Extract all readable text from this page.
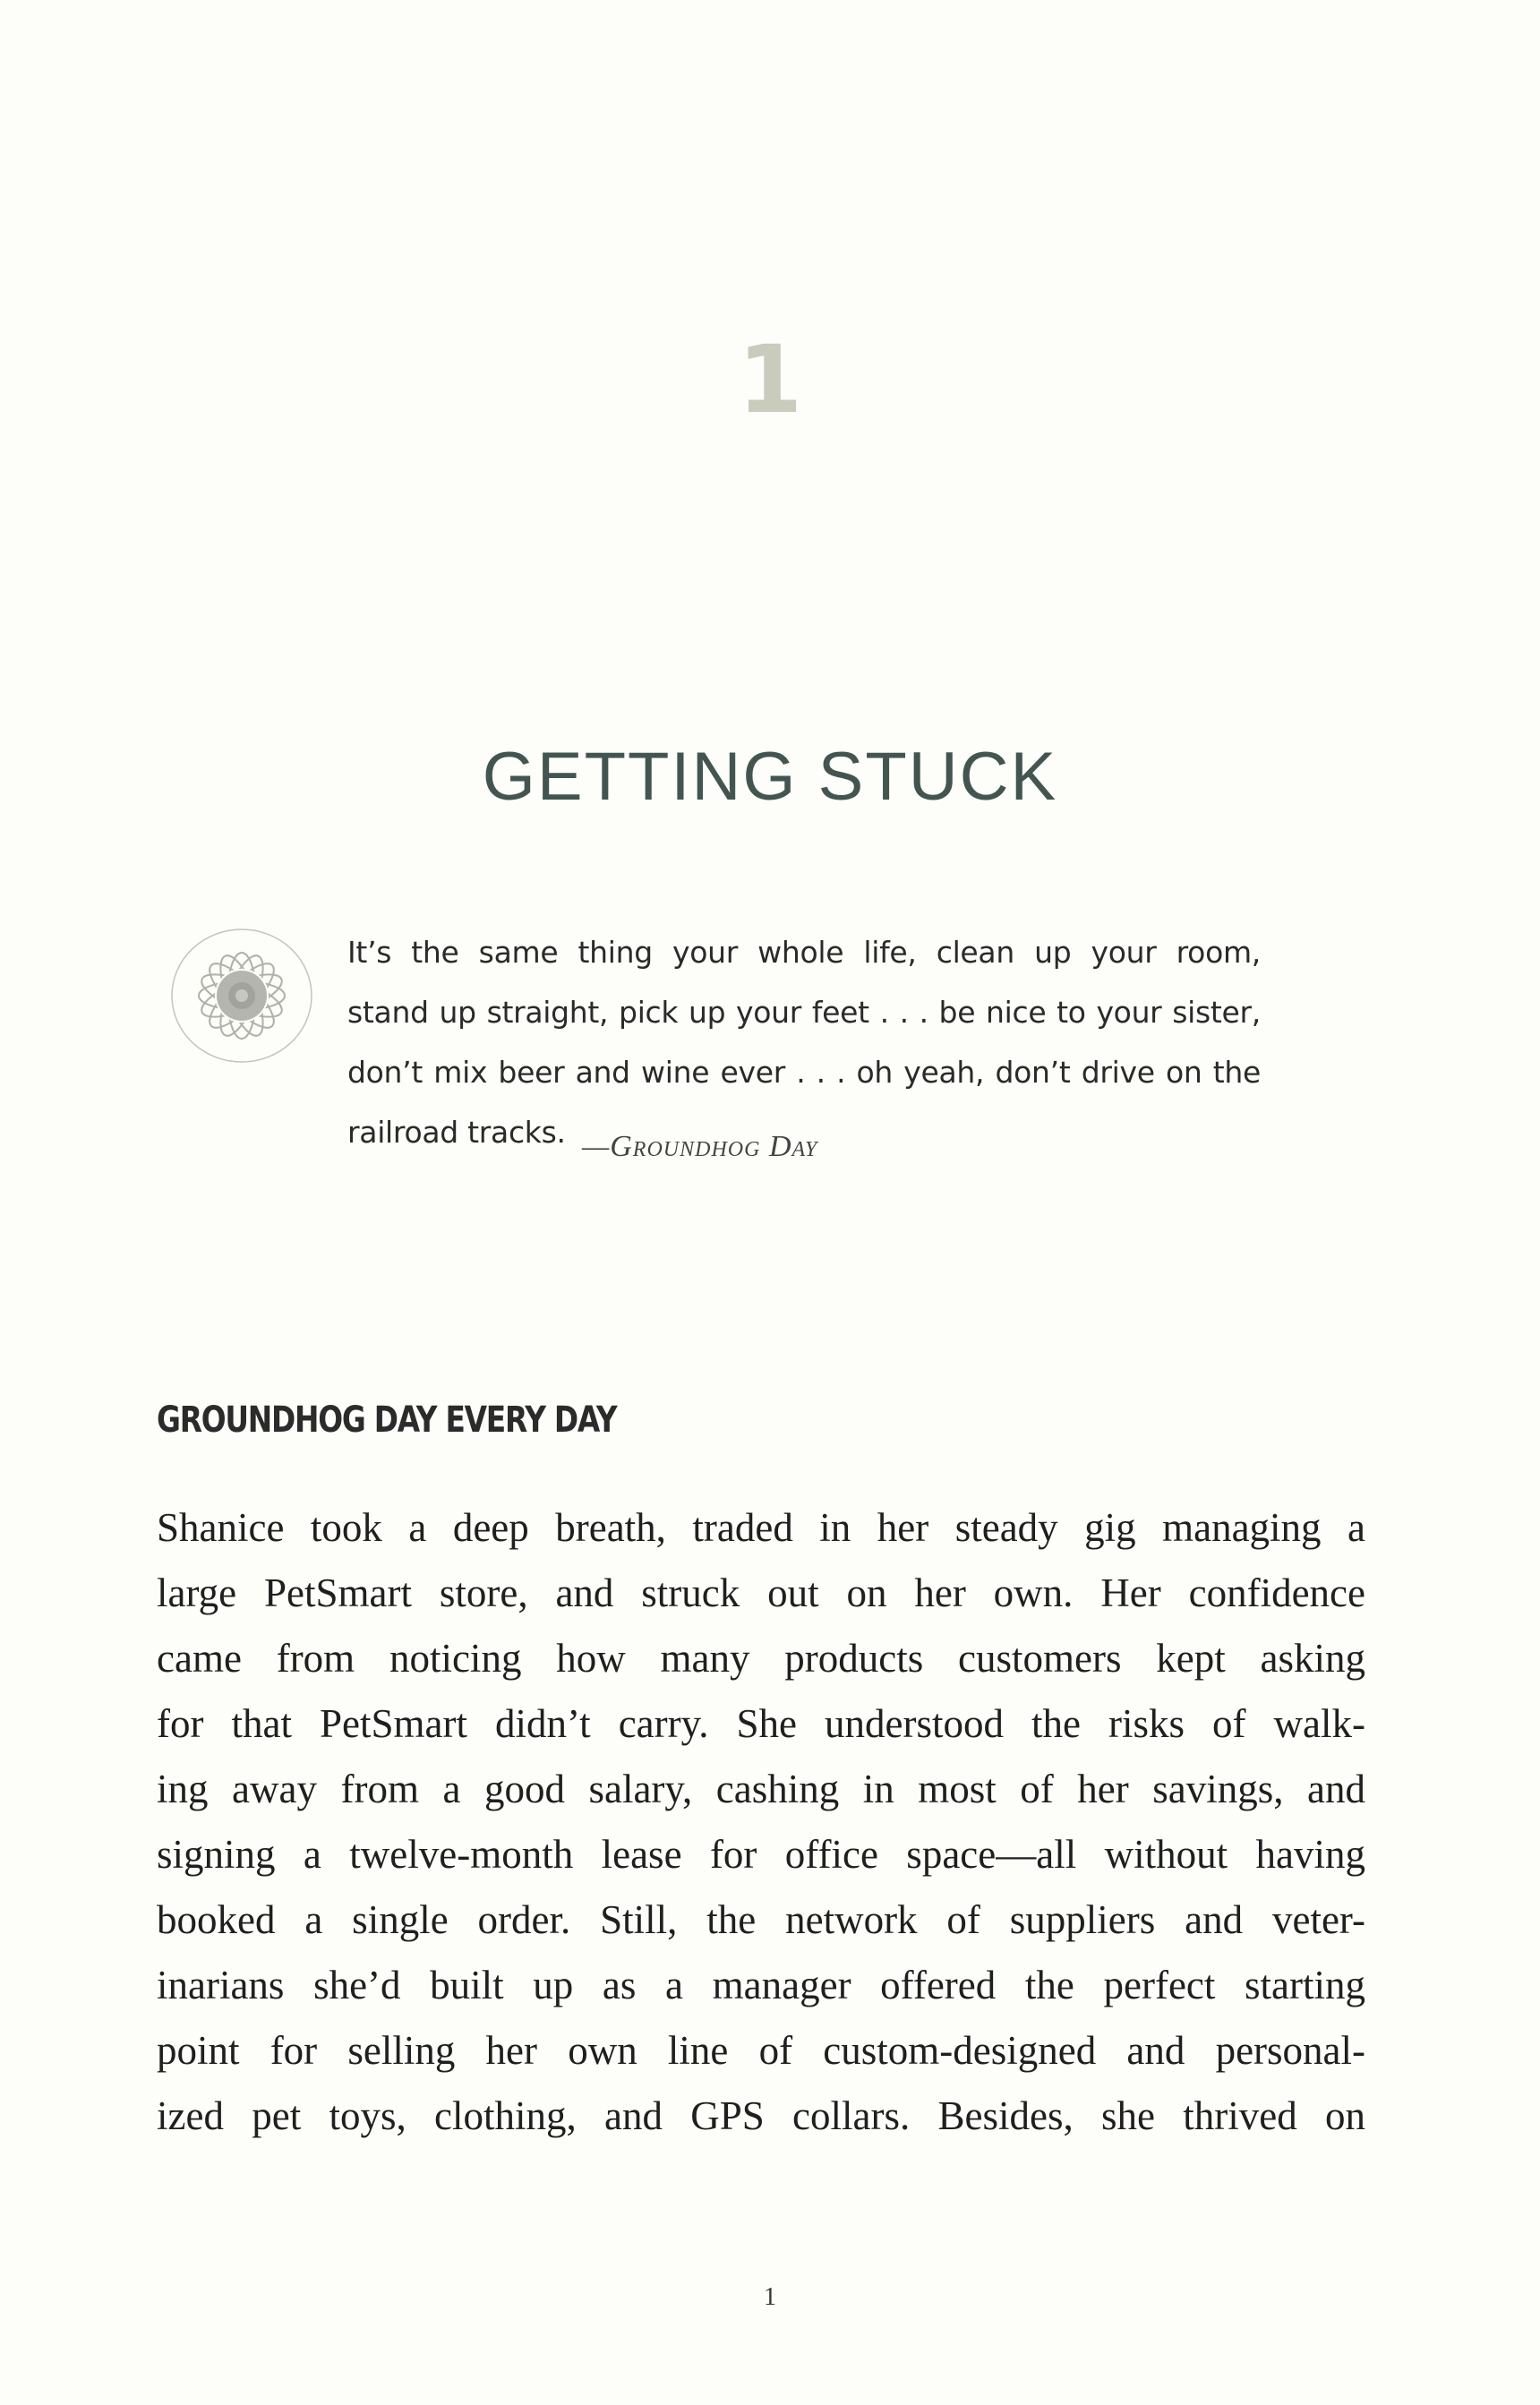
1
GETTING STUCK
It’s the same thing your whole life, clean up your room,
stand up straight, pick up your feet . . . be nice to your sister,
don’t mix beer and wine ever . . . oh yeah, don’t drive on the
railroad tracks. —Groundhog Day
GROUNDHOG DAY EVERY DAY
Shanice took a deep breath, traded in her steady gig managing a
large PetSmart store, and struck out on her own. Her confidence
came from noticing how many products customers kept asking
for that PetSmart didn’t carry. She understood the risks of walk-
ing away from a good salary, cashing in most of her savings, and
signing a twelve-month lease for office space—all without having
booked a single order. Still, the network of suppliers and veter-
inarians she’d built up as a manager offered the perfect starting
point for selling her own line of custom-designed and personal-
ized pet toys, clothing, and GPS collars. Besides, she thrived on
1
